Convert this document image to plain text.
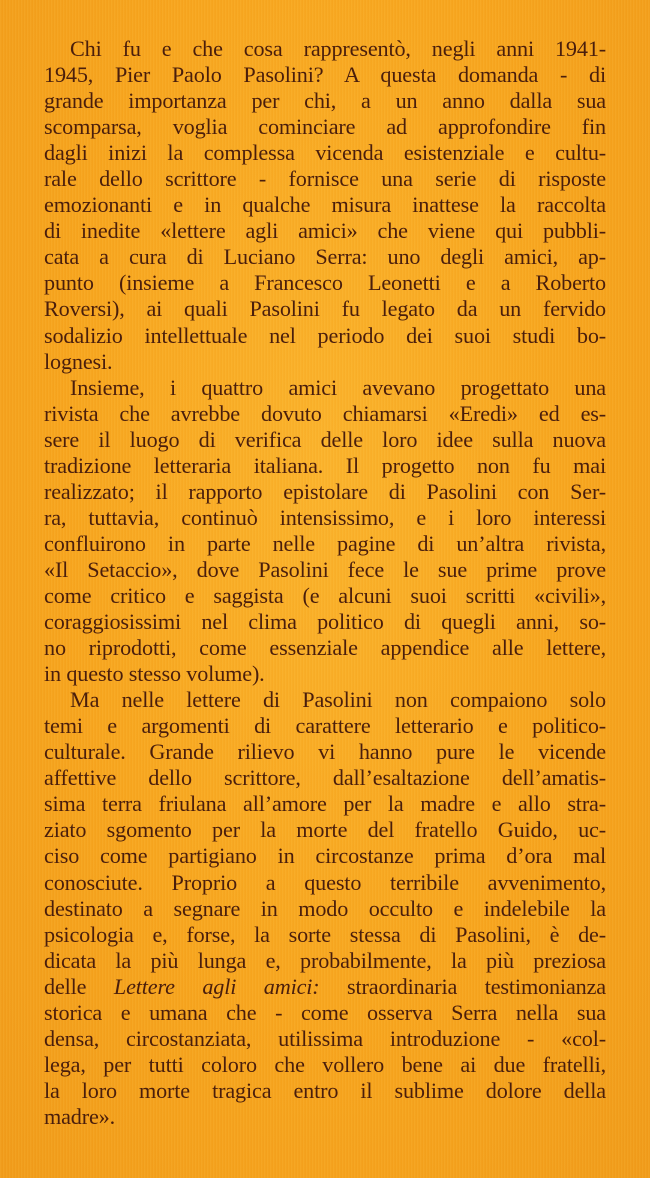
Chi fu e che cosa rappresentò, negli anni 1941-
1945, Pier Paolo Pasolini? A questa domanda - di
grande importanza per chi, a un anno dalla sua
scomparsa, voglia cominciare ad approfondire fin
dagli inizi la complessa vicenda esistenziale e cultu-
rale dello scrittore - fornisce una serie di risposte
emozionanti e in qualche misura inattese la raccolta
di inedite «lettere agli amici» che viene qui pubbli-
cata a cura di Luciano Serra: uno degli amici, ap-
punto (insieme a Francesco Leonetti e a Roberto
Roversi), ai quali Pasolini fu legato da un fervido
sodalizio intellettuale nel periodo dei suoi studi bo-
lognesi.

Insieme, i quattro amici avevano progettato una
rivista che avrebbe dovuto chiamarsi «Eredi» ed es-
sere il luogo di verifica delle loro idee sulla nuova
tradizione letteraria italiana. Il progetto non fu mai
realizzato; il rapporto epistolare di Pasolini con Ser-
ra, tuttavia, continuò intensissimo, e i loro interessi
confluirono in parte nelle pagine di un’altra rivista,
«Il Setaccio», dove Pasolini fece le sue prime prove
come critico e saggista (e alcuni suoi scritti «civili»,
coraggiosissimi nel clima politico di quegli anni, so-
no riprodotti, come essenziale appendice alle lettere,
in questo stesso volume).

Ma nelle lettere di Pasolini non compaiono solo
temi e argomenti di carattere letterario e politico-
culturale. Grande rilievo vi hanno pure le vicende
affettive dello scrittore, dall’esaltazione dell’amatis-
sima terra friulana all’amore per la madre e allo stra-
ziato sgomento per la morte del fratello Guido, uc-
ciso come partigiano in circostanze prima d’ora mal
conosciute. Proprio a questo terribile avvenimento,
destinato a segnare in modo occulto e indelebile la
psicologia e, forse, la sorte stessa di Pasolini, è de-
dicata la più lunga e, probabilmente, la più preziosa
delle Lettere agli amici: straordinaria testimonianza
storica e umana che - come osserva Serra nella sua
densa, circostanziata, utilissima introduzione - «col-
lega, per tutti coloro che vollero bene ai due fratelli,
la loro morte tragica entro il sublime dolore della
madre».
